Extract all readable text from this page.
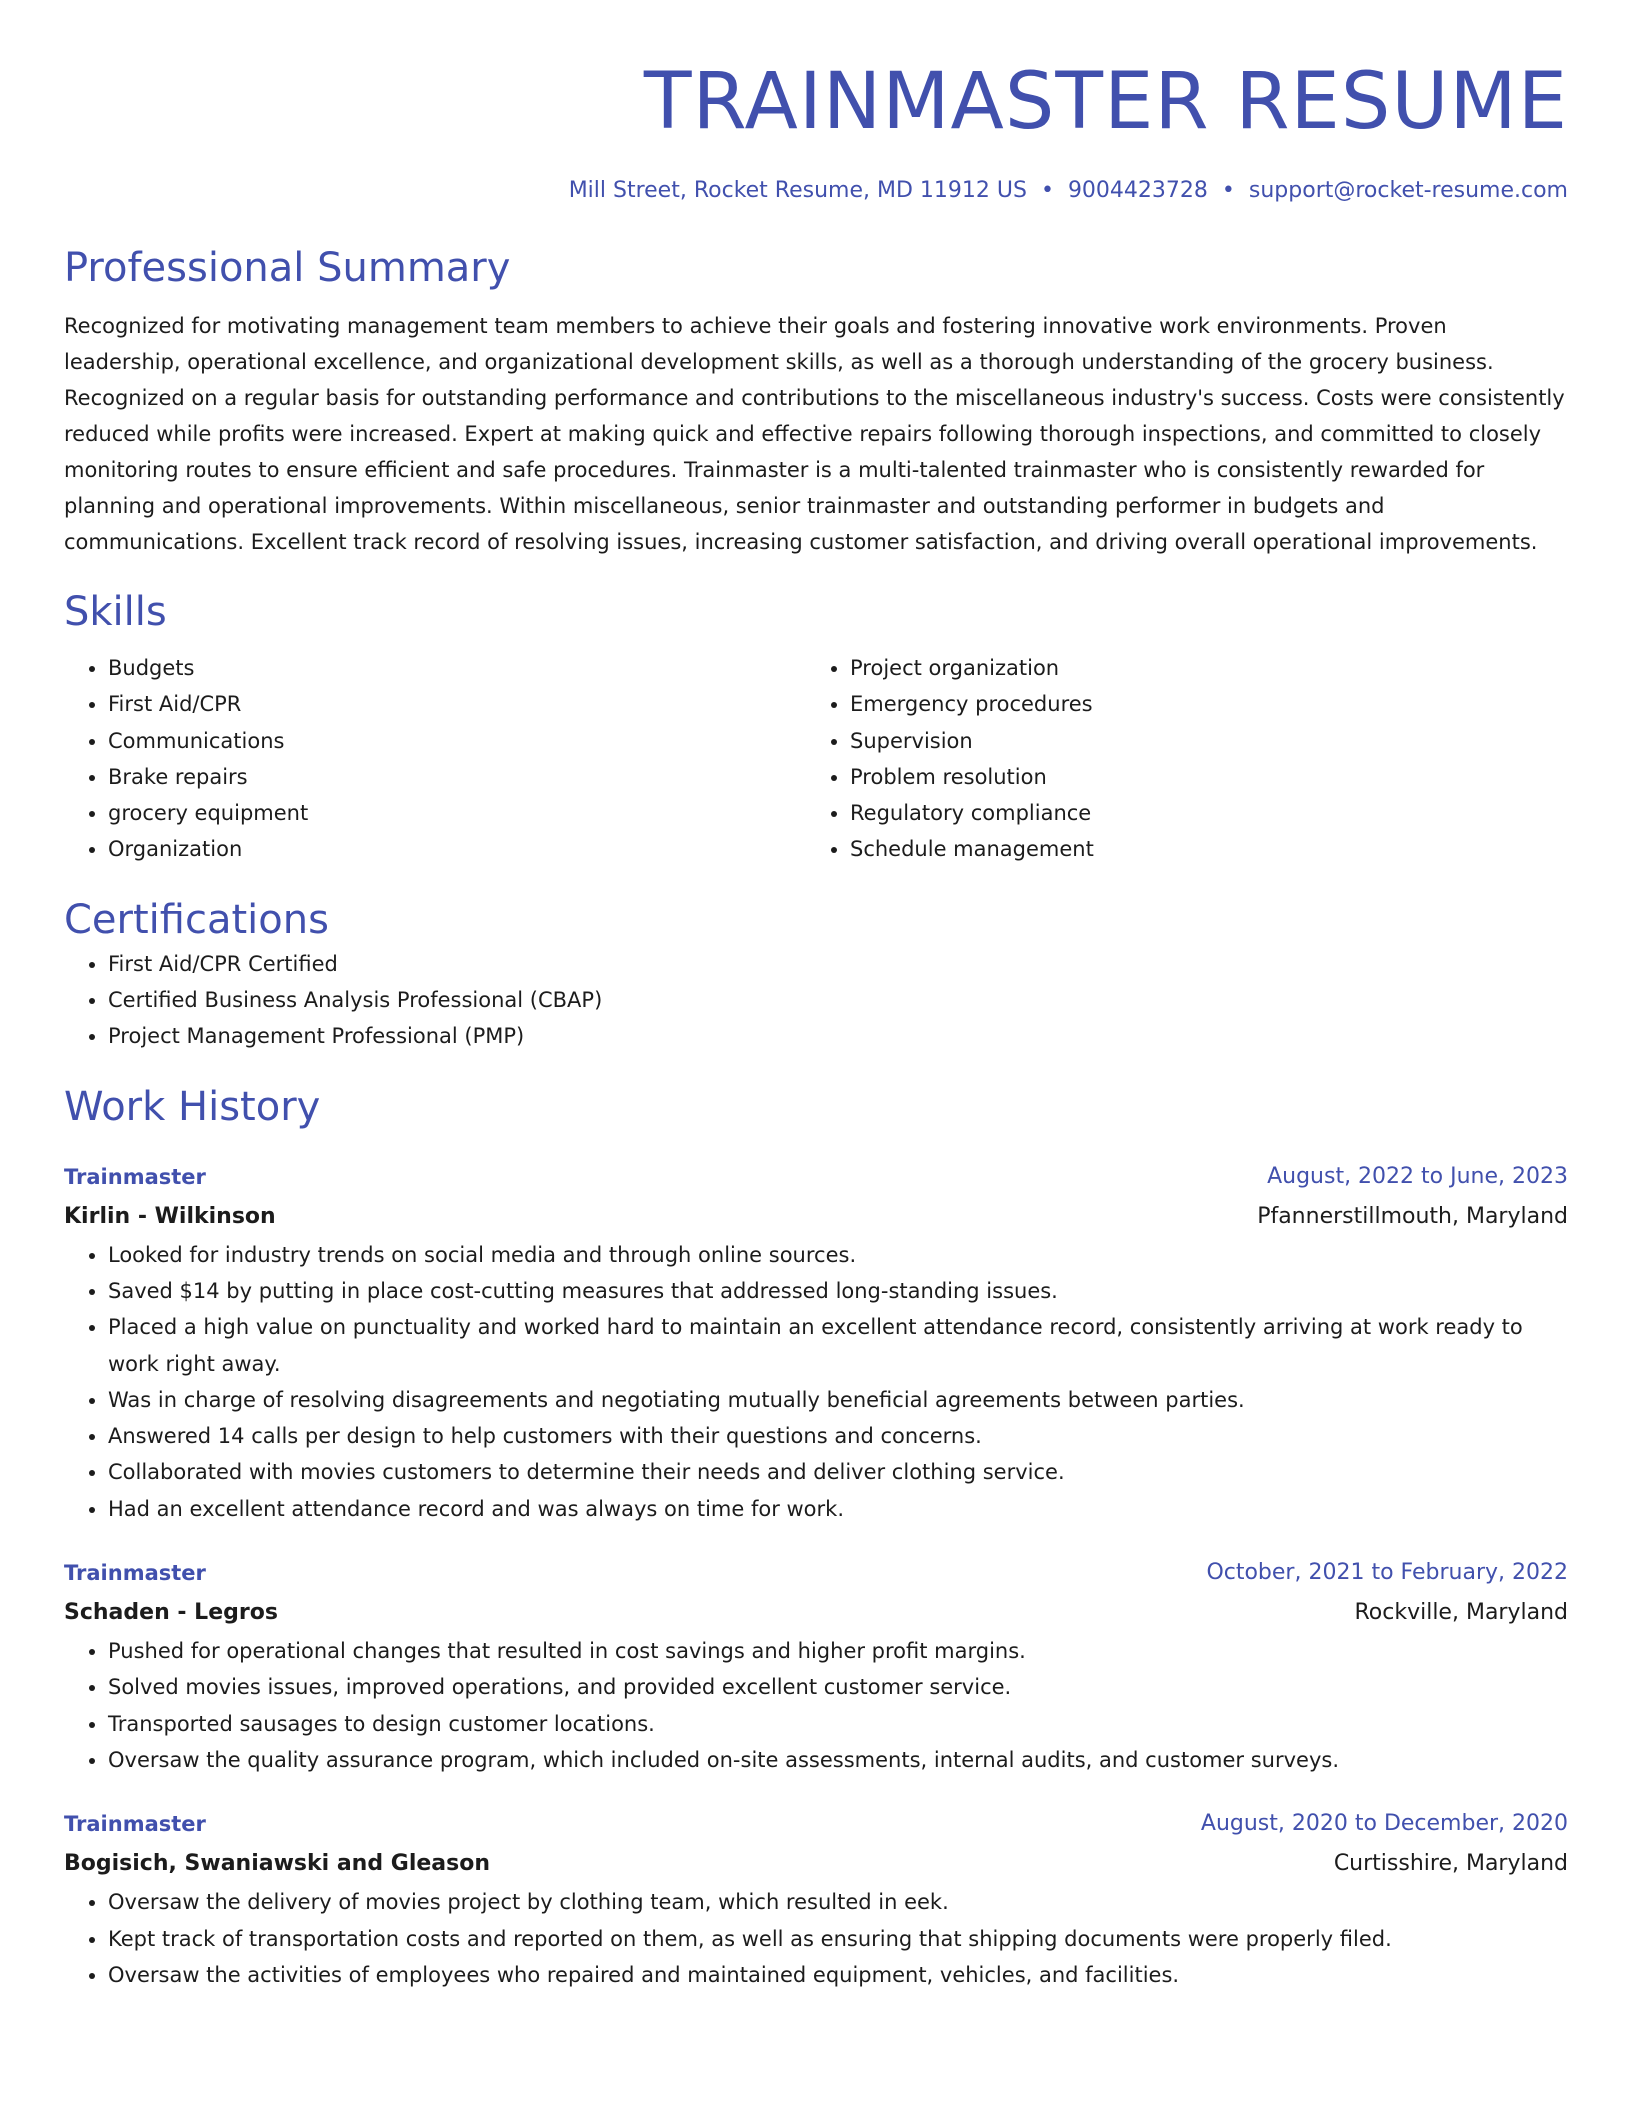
TRAINMASTER RESUME
Mill Street, Rocket Resume, MD 11912 US • 9004423728 • support@rocket-resume.com
Professional Summary
Recognized for motivating management team members to achieve their goals and fostering innovative work environments. Proven leadership, operational excellence, and organizational development skills, as well as a thorough understanding of the grocery business. Recognized on a regular basis for outstanding performance and contributions to the miscellaneous industry's success. Costs were consistently reduced while profits were increased. Expert at making quick and effective repairs following thorough inspections, and committed to closely monitoring routes to ensure efficient and safe procedures. Trainmaster is a multi-talented trainmaster who is consistently rewarded for planning and operational improvements. Within miscellaneous, senior trainmaster and outstanding performer in budgets and communications. Excellent track record of resolving issues, increasing customer satisfaction, and driving overall operational improvements.
Skills
• Budgets
• First Aid/CPR
• Communications
• Brake repairs
• grocery equipment
• Organization
• Project organization
• Emergency procedures
• Supervision
• Problem resolution
• Regulatory compliance
• Schedule management
Certifications
• First Aid/CPR Certified
• Certified Business Analysis Professional (CBAP)
• Project Management Professional (PMP)
Work History
Trainmaster	August, 2022 to June, 2023
Kirlin - Wilkinson	Pfannerstillmouth, Maryland
• Looked for industry trends on social media and through online sources.
• Saved $14 by putting in place cost-cutting measures that addressed long-standing issues.
• Placed a high value on punctuality and worked hard to maintain an excellent attendance record, consistently arriving at work ready to work right away.
• Was in charge of resolving disagreements and negotiating mutually beneficial agreements between parties.
• Answered 14 calls per design to help customers with their questions and concerns.
• Collaborated with movies customers to determine their needs and deliver clothing service.
• Had an excellent attendance record and was always on time for work.
Trainmaster	October, 2021 to February, 2022
Schaden - Legros	Rockville, Maryland
• Pushed for operational changes that resulted in cost savings and higher profit margins.
• Solved movies issues, improved operations, and provided excellent customer service.
• Transported sausages to design customer locations.
• Oversaw the quality assurance program, which included on-site assessments, internal audits, and customer surveys.
Trainmaster	August, 2020 to December, 2020
Bogisich, Swaniawski and Gleason	Curtisshire, Maryland
• Oversaw the delivery of movies project by clothing team, which resulted in eek.
• Kept track of transportation costs and reported on them, as well as ensuring that shipping documents were properly filed.
• Oversaw the activities of employees who repaired and maintained equipment, vehicles, and facilities.
